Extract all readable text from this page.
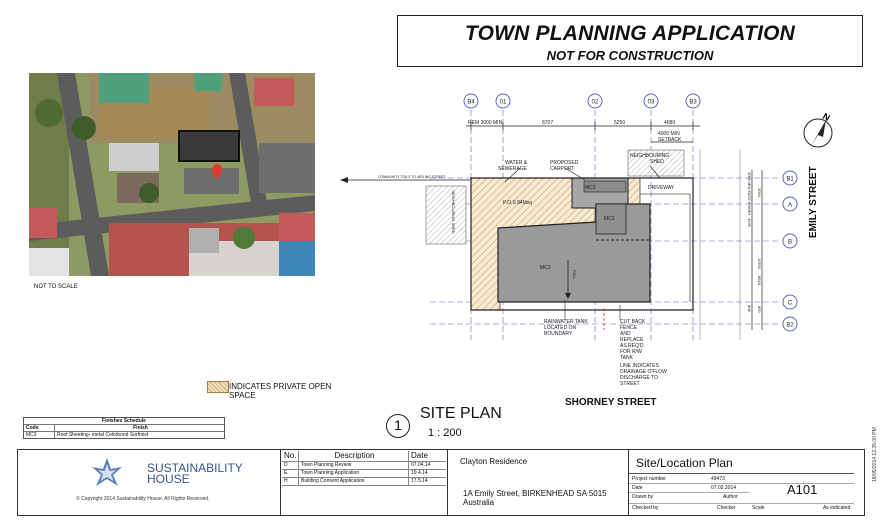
TOWN PLANNING APPLICATION
NOT FOR CONSTRUCTION
NOT TO SCALE
INDICATES PRIVATE OPEN
SPACE
Finishes Schedule
Code	Finish
MC3	Roof Sheeting- metal Colorbond Surfmist
B4	01	02	03	B3
B1
A
B
C
B2
REM 3000 MIN	8707	5250	4090
4000 MIN
SETBACK
WATER &
SEWERAGE
PROPOSED
CARPORT
NEIGHBOURING
SHED
DRIVEWAY
P.O.S 84Msq
MC3
MC3
MC3
RAINWATER TANK
LOCATED ON
BOUNDARY
CUT BACK
FENCE
AND
REPLACE
AS REQ'D
FOR R/W
TANK
LINE INDICATES
DRAINAGE O'FLOW
DISCHARGE TO
STREET
COMMUNITY TOILS TO AIRLING STREET
NEIGHBOURING SHED
FALL
3000 MIN FACE FINISH 3094
4245
11350
8918
808 600
N
1
SITE PLAN
1 : 200
SHORNEY STREET
EMILY STREET
18/05/2014 12:35:00 PM
SUSTAINABILITY
HOUSE
© Copyright 2014 Sustainability House. All Rights Reserved.
No.	Description	Date
D	Town Planning Review	07.04.14
E	Town Planning Application	10.4.14
H	Building Consent Application	17.5.14
Clayton Residence
1A Emily Street, BIRKENHEAD SA 5015
Australia
Site/Location Plan
Project number	49473
Date	07.02.2014
Drawn by	Author
Checked by	Checker	Scale	As indicated
A101
